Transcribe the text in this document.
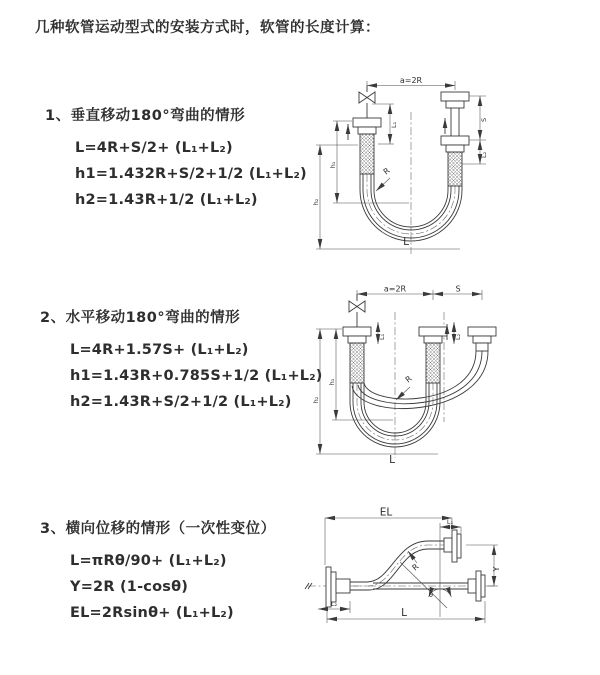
几种软管运动型式的安装方式时，软管的长度计算：
1、垂直移动180°弯曲的情形
L=4R+S/2+ (L₁+L₂)
h1=1.432R+S/2+1/2 (L₁+L₂)
h2=1.43R+1/2 (L₁+L₂)
a=2R
R
h₂
h₁
L₁
S
L₂
L
2、水平移动180°弯曲的情形
L=4R+1.57S+ (L₁+L₂)
h1=1.43R+0.785S+1/2 (L₁+L₂)
h2=1.43R+S/2+1/2 (L₁+L₂)
a=2R	S
R
h₂
h₁
L₁	L₂
L
3、横向位移的情形（一次性变位）
L=πRθ/90+ (L₁+L₂)
Y=2R (1-cosθ)
EL=2Rsinθ+ (L₁+L₂)
R
θ
EL
L₁
Y
L₂
L
